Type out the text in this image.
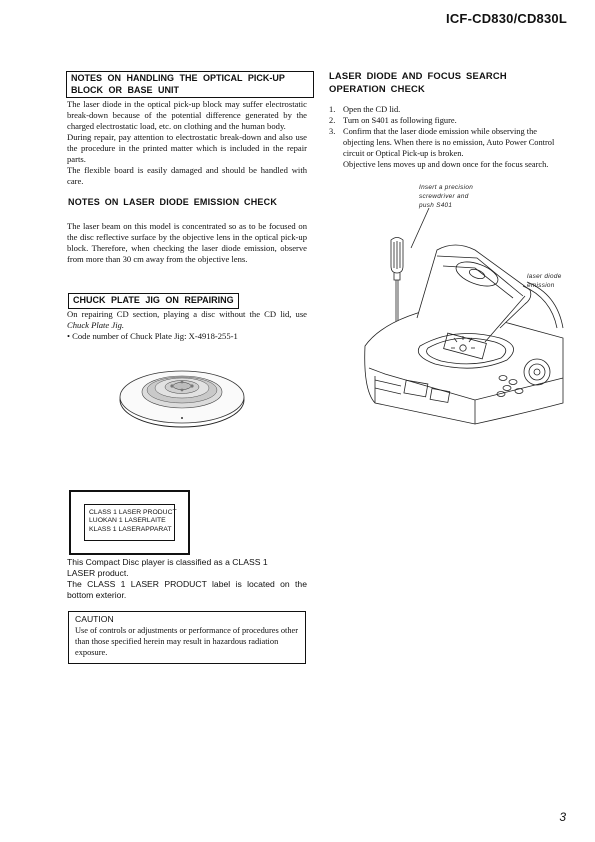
ICF-CD830/CD830L
3
NOTES ON HANDLING THE OPTICAL PICK-UP BLOCK OR BASE UNIT
The laser diode in the optical pick-up block may suffer electrostatic break-down because of the potential difference generated by the charged electrostatic load, etc. on clothing and the human body.
During repair, pay attention to electrostatic break-down and also use the procedure in the printed matter which is included in the repair parts.
The flexible board is easily damaged and should be handled with care.
NOTES ON LASER DIODE EMISSION CHECK
The laser beam on this model is concentrated so as to be focused on the disc reflective surface by the objective lens in the optical pick-up block. Therefore, when checking the laser diode emission, observe from more than 30 cm away from the objective lens.
CHUCK PLATE JIG ON REPAIRING
On repairing CD section, playing a disc without the CD lid, use Chuck Plate Jig.
• Code number of Chuck Plate Jig: X-4918-255-1
CLASS 1 LASER PRODUCT
LUOKAN 1 LASERLAITE
KLASS 1 LASERAPPARAT
This Compact Disc player is classified as a CLASS 1
LASER product.
The CLASS 1 LASER PRODUCT label is located on the bottom exterior.
CAUTION
Use of controls or adjustments or performance of procedures other than those specified herein may result in hazardous radiation exposure.
LASER DIODE AND FOCUS SEARCH
OPERATION CHECK
1. Open the CD lid.
2. Turn on S401 as following figure.
3. Confirm that the laser diode emission while observing the objecting lens. When there is no emission, Auto Power Control circuit or Optical Pick-up is broken.
Objective lens moves up and down once for the focus search.
Insert a precision
screwdriver and
push S401
laser diode
emission
